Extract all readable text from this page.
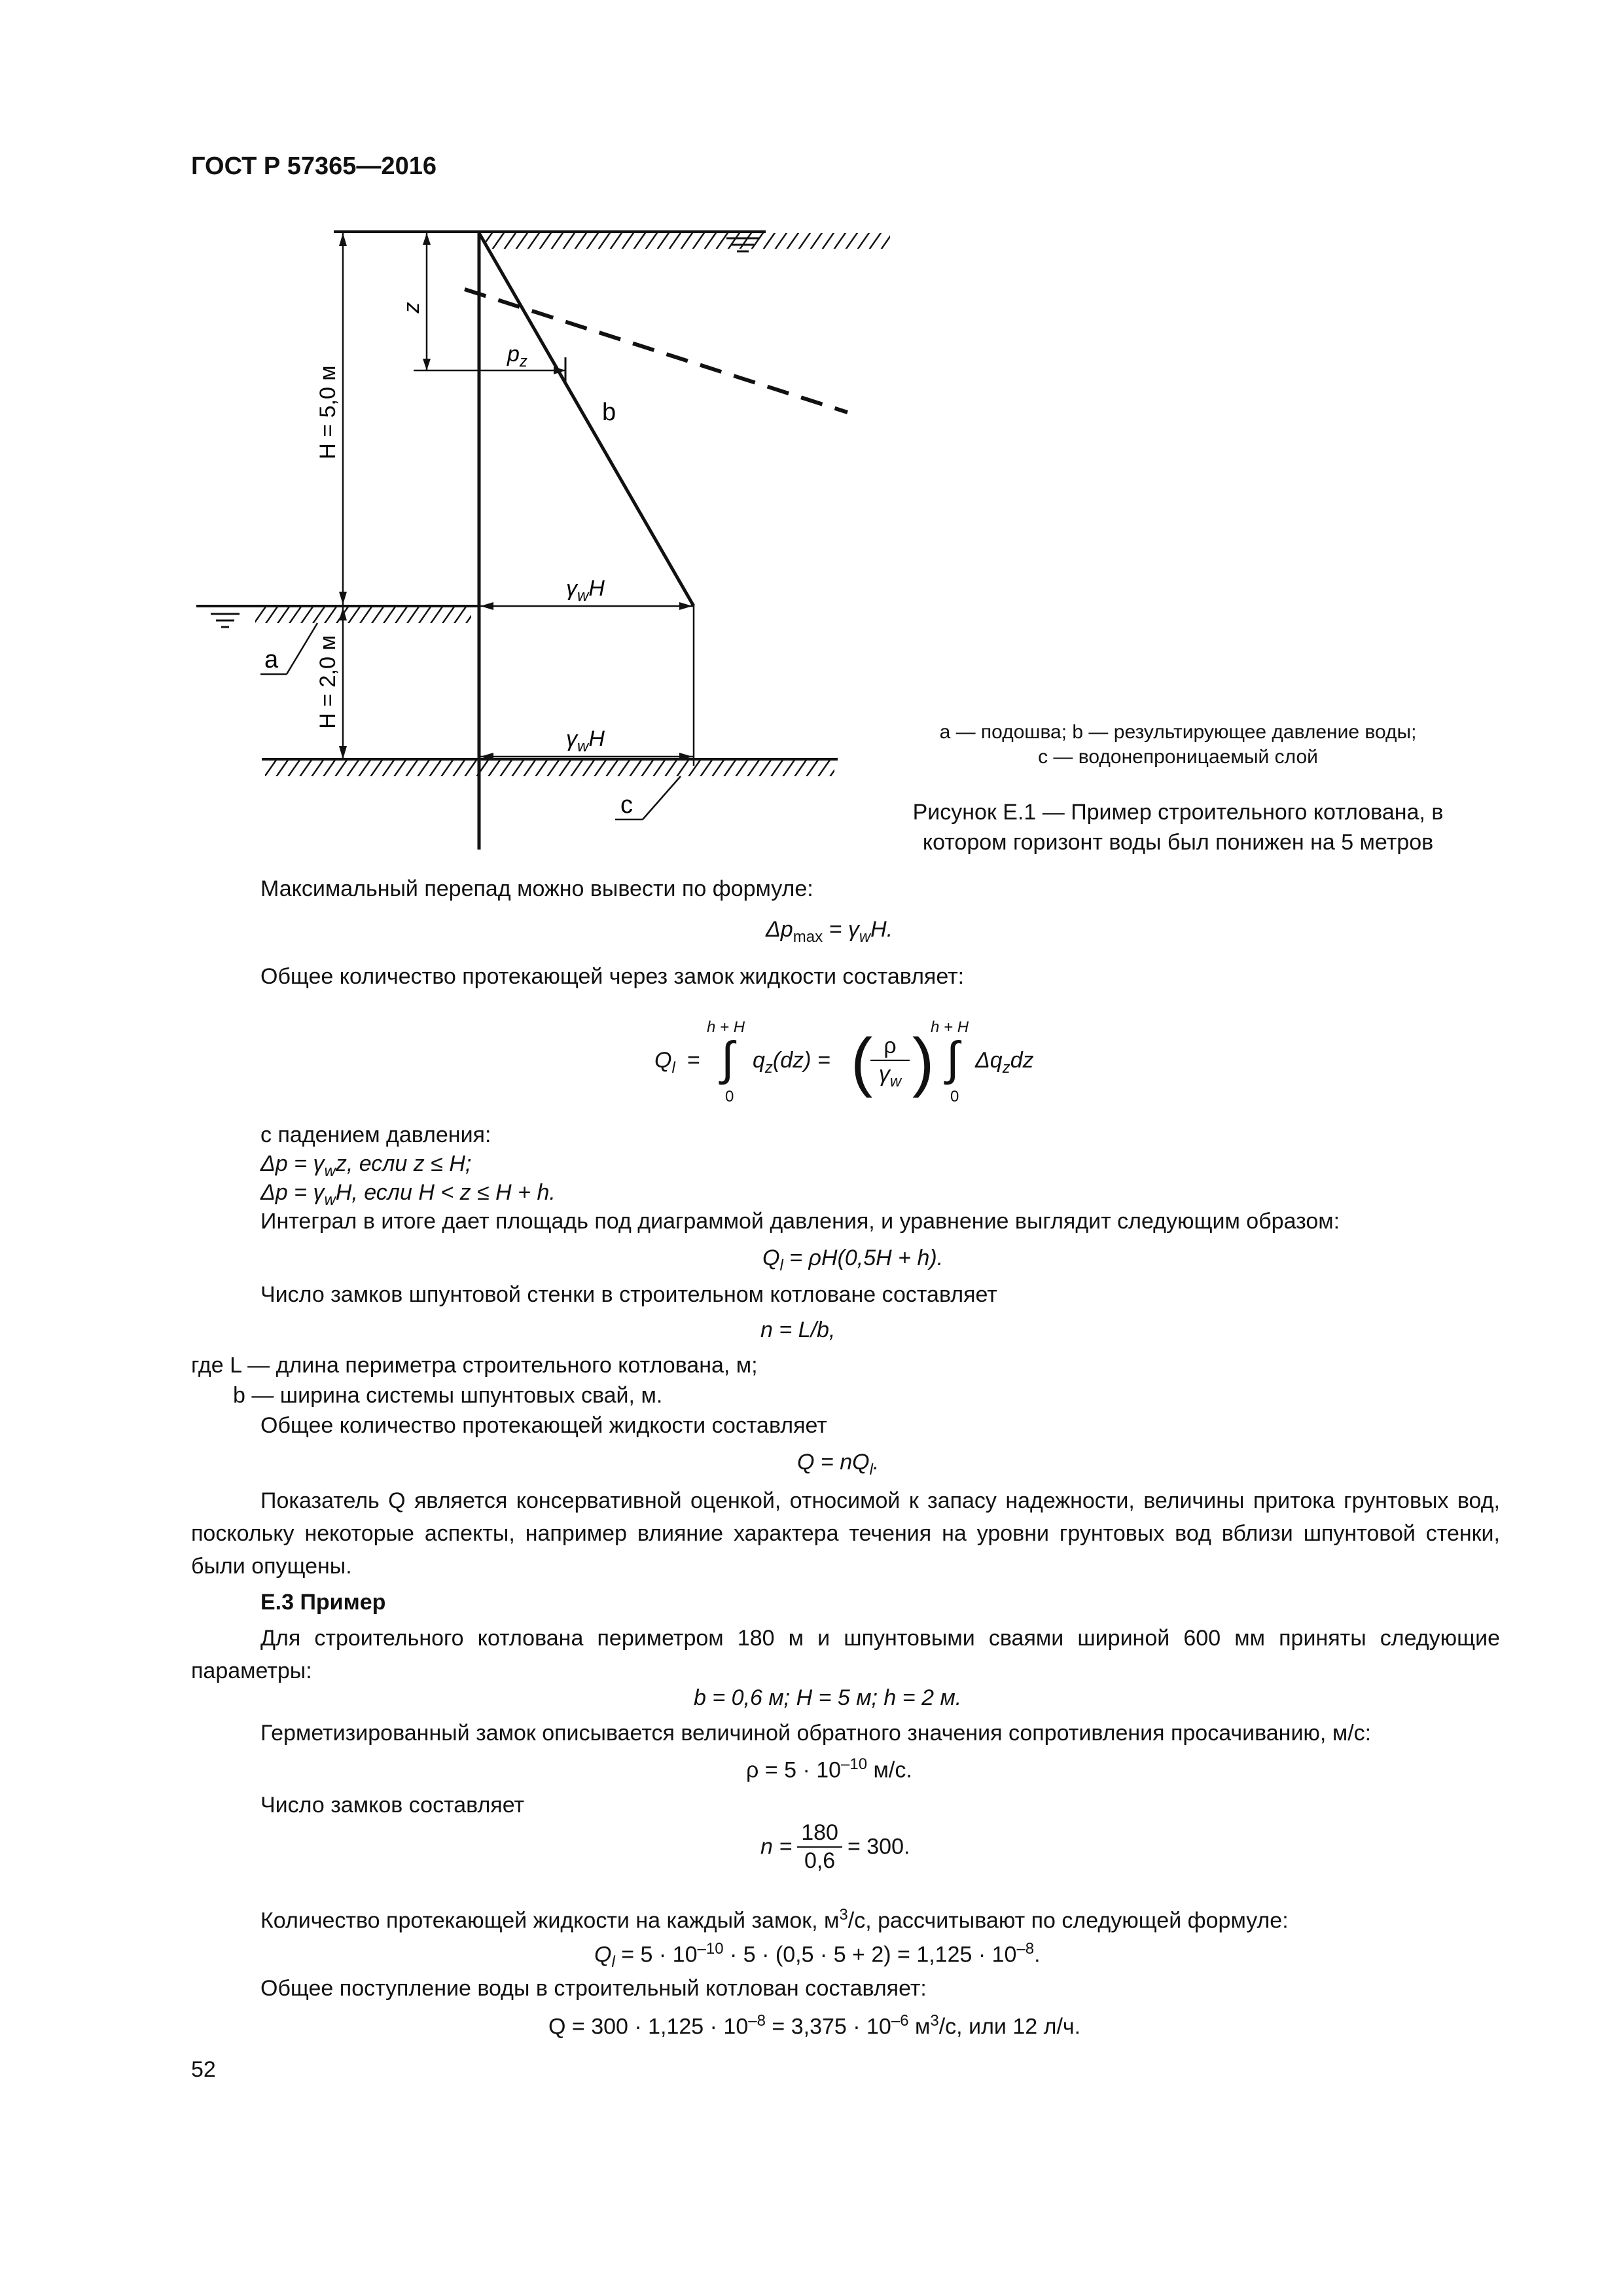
ГОСТ Р 57365—2016
z
$p_z$
b
H = 5,0 м
$\gamma_wH$
H = 2,0 м
a
$\gamma_wH$
c
a — подошва; b — результирующее давление воды;
c — водонепроницаемый слой
Рисунок Е.1 — Пример строительного котлована, в
котором горизонт воды был понижен на 5 метров
Максимальный перепад можно вывести по формуле:
$\Delta p_{max} = \gamma_wH$.
Общее количество протекающей через замок жидкости составляет:
$Q_l$ =
h + H
∫
0
$q_z(dz)$ = ( ρ
$\gamma_w$ )
h + H
∫
0
$\Delta q_zdz$
с падением давления:
$\Delta p = \gamma_wz$, если z ≤ H;
$\Delta p = \gamma_wH$, если H < z ≤ H + h.
Интеграл в итоге дает площадь под диаграммой давления, и уравнение выглядит следующим образом:
$Q_l = \rho H(0,5H + h)$.
Число замков шпунтовой стенки в строительном котловане составляет
n = L/b,
где L — длина периметра строительного котлована, м;
b — ширина системы шпунтовых свай, м.
Общее количество протекающей жидкости составляет
$Q = nQ_l$.
Показатель Q является консервативной оценкой, относимой к запасу надежности, величины притока грунтовых вод, поскольку некоторые аспекты, например влияние характера течения на уровни грунтовых вод вблизи шпунтовой стенки, были опущены.
Е.3 Пример
Для строительного котлована периметром 180 м и шпунтовыми сваями шириной 600 мм приняты следующие параметры:
b = 0,6 м; H = 5 м; h = 2 м.
Герметизированный замок описывается величиной обратного значения сопротивления просачиванию, м/с:
$\rho = 5 \cdot 10^{-10}$ м/с.
Число замков составляет
$n = \frac{180}{0,6} = 300$.
Количество протекающей жидкости на каждый замок, $м^3/с$, рассчитывают по следующей формуле:
$Q_l = 5 \cdot 10^{-10} \cdot 5 \cdot (0,5 \cdot 5 + 2) = 1,125 \cdot 10^{-8}$.
Общее поступление воды в строительный котлован составляет:
$Q = 300 \cdot 1,125 \cdot 10^{-8} = 3,375 \cdot 10^{-6}$ $м^3/с$, или 12 л/ч.
52
